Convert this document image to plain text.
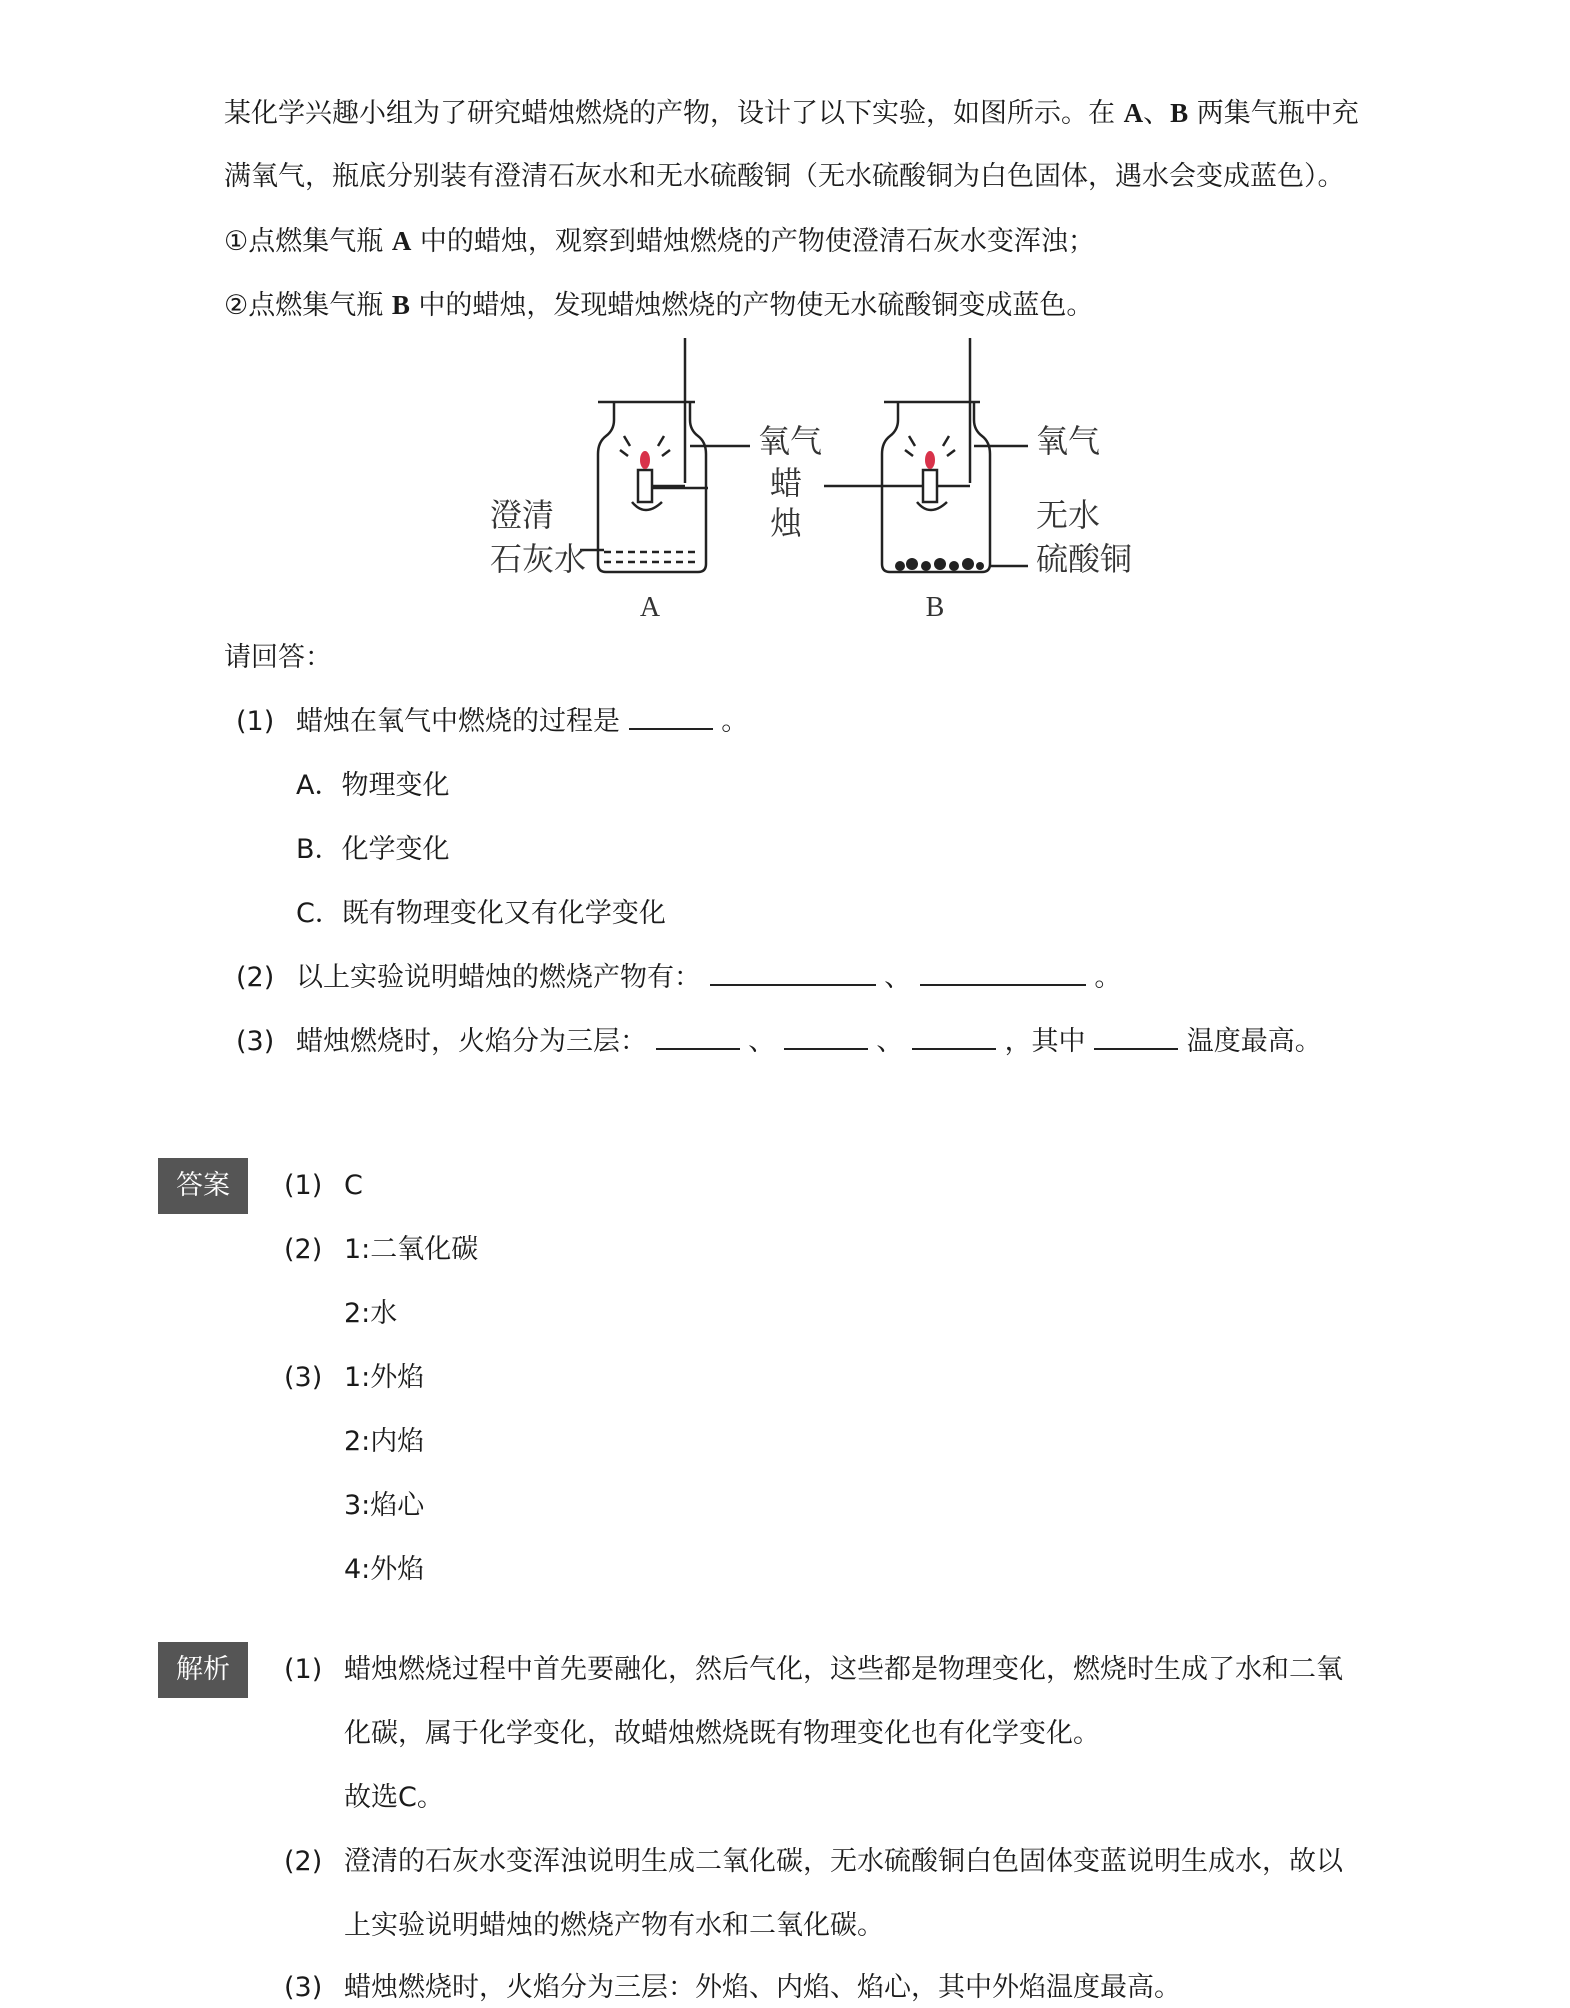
某化学兴趣小组为了研究蜡烛燃烧的产物，设计了以下实验，如图所示。在 A、B 两集气瓶中充
满氧气，瓶底分别装有澄清石灰水和无水硫酸铜（无水硫酸铜为白色固体，遇水会变成蓝色）。
①点燃集气瓶 A 中的蜡烛，观察到蜡烛燃烧的产物使澄清石灰水变浑浊；
②点燃集气瓶 B 中的蜡烛，发现蜡烛燃烧的产物使无水硫酸铜变成蓝色。
氧气
蜡
烛
澄清
石灰水
氧气
无水
硫酸铜
A	B
请回答：
(1) 蜡烛在氧气中燃烧的过程是	。
A．物理变化
B．化学变化
C．既有物理变化又有化学变化
(2) 以上实验说明蜡烛的燃烧产物有：	、	。
(3) 蜡烛燃烧时，火焰分为三层：	、	、	，其中	温度最高。
答案	(1) C
(2) 1:二氧化碳
2:水
(3) 1:外焰
2:内焰
3:焰心
4:外焰
解析	(1) 蜡烛燃烧过程中首先要融化，然后气化，这些都是物理变化，燃烧时生成了水和二氧
化碳，属于化学变化，故蜡烛燃烧既有物理变化也有化学变化。
故选C。
(2) 澄清的石灰水变浑浊说明生成二氧化碳，无水硫酸铜白色固体变蓝说明生成水，故以
上实验说明蜡烛的燃烧产物有水和二氧化碳。
(3) 蜡烛燃烧时，火焰分为三层：外焰、内焰、焰心，其中外焰温度最高。
